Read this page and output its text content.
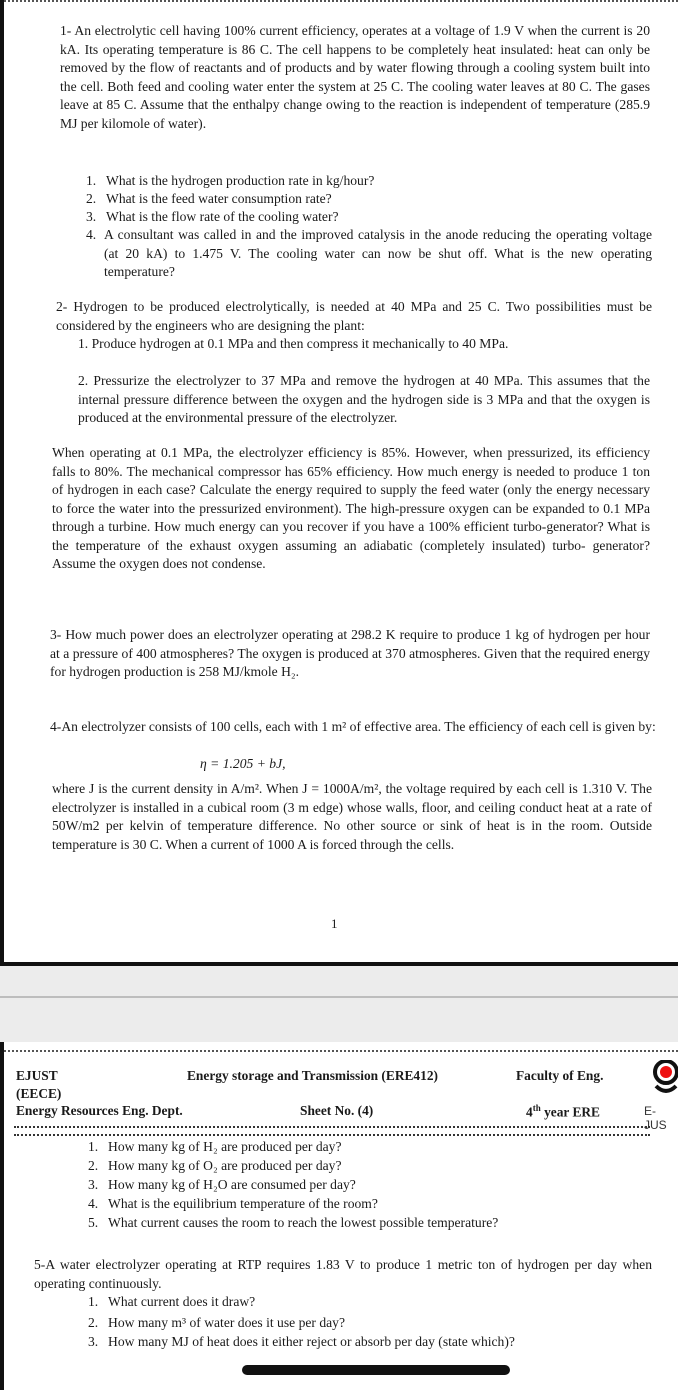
1- An electrolytic cell having 100% current efficiency, operates at a voltage of 1.9 V when the current is 20 kA. Its operating temperature is 86 C. The cell happens to be completely heat insulated: heat can only be removed by the flow of reactants and of products and by water flowing through a cooling system built into the cell. Both feed and cooling water enter the system at 25 C. The cooling water leaves at 80 C. The gases leave at 85 C. Assume that the enthalpy change owing to the reaction is independent of temperature (285.9 MJ per kilomole of water).

1. What is the hydrogen production rate in kg/hour?
2. What is the feed water consumption rate?
3. What is the flow rate of the cooling water?
4. A consultant was called in and the improved catalysis in the anode reducing the operating voltage (at 20 kA) to 1.475 V. The cooling water can now be shut off. What is the new operating temperature?

2- Hydrogen to be produced electrolytically, is needed at 40 MPa and 25 C. Two possibilities must be considered by the engineers who are designing the plant:

1. Produce hydrogen at 0.1 MPa and then compress it mechanically to 40 MPa.

2. Pressurize the electrolyzer to 37 MPa and remove the hydrogen at 40 MPa. This assumes that the internal pressure difference between the oxygen and the hydrogen side is 3 MPa and that the oxygen is produced at the environmental pressure of the electrolyzer.

When operating at 0.1 MPa, the electrolyzer efficiency is 85%. However, when pressurized, its efficiency falls to 80%. The mechanical compressor has 65% efficiency. How much energy is needed to produce 1 ton of hydrogen in each case? Calculate the energy required to supply the feed water (only the energy necessary to force the water into the pressurized environment). The high-pressure oxygen can be expanded to 0.1 MPa through a turbine. How much energy can you recover if you have a 100% efficient turbo-generator? What is the temperature of the exhaust oxygen assuming an adiabatic (completely insulated) turbo- generator? Assume the oxygen does not condense.

3- How much power does an electrolyzer operating at 298.2 K require to produce 1 kg of hydrogen per hour at a pressure of 400 atmospheres? The oxygen is produced at 370 atmospheres. Given that the required energy for hydrogen production is 258 MJ/kmole H₂.

4-An electrolyzer consists of 100 cells, each with 1 m² of effective area. The efficiency of each cell is given by:

η = 1.205 + bJ,

where J is the current density in A/m². When J = 1000A/m², the voltage required by each cell is 1.310 V. The electrolyzer is installed in a cubical room (3 m edge) whose walls, floor, and ceiling conduct heat at a rate of 50W/m2 per kelvin of temperature difference. No other source or sink of heat is in the room. Outside temperature is 30 C. When a current of 1000 A is forced through the cells.

1
EJUST
(EECE)
Energy storage and Transmission (ERE412)	Faculty of Eng.
Energy Resources Eng. Dept.	Sheet No. (4)	4th year ERE	E-JUS
1. How many kg of H₂ are produced per day?
2. How many kg of O₂ are produced per day?
3. How many kg of H₂O are consumed per day?
4. What is the equilibrium temperature of the room?
5. What current causes the room to reach the lowest possible temperature?

5-A water electrolyzer operating at RTP requires 1.83 V to produce 1 metric ton of hydrogen per day when operating continuously.

1. What current does it draw?
2. How many m³ of water does it use per day?
3. How many MJ of heat does it either reject or absorb per day (state which)?
